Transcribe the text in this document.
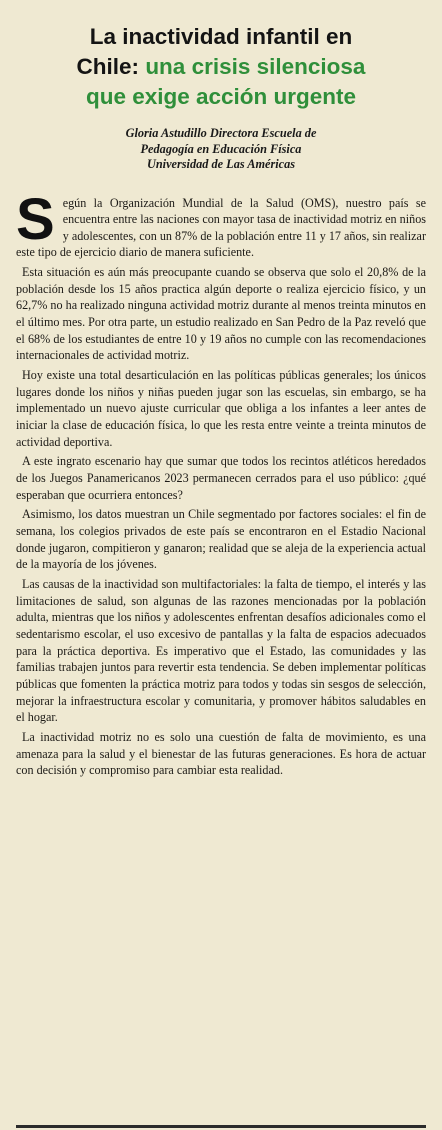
La inactividad infantil en
Chile: una crisis silenciosa
que exige acción urgente
Gloria Astudillo Directora Escuela de
Pedagogía en Educación Física
Universidad de Las Américas

Según la Organización Mundial de la Salud (OMS), nuestro país se encuentra entre las naciones con mayor tasa de inactividad motriz en niños y adolescentes, con un 87% de la población entre 11 y 17 años, sin realizar este tipo de ejercicio diario de manera suficiente.

Esta situación es aún más preocupante cuando se observa que solo el 20,8% de la población desde los 15 años practica algún deporte o realiza ejercicio físico, y un 62,7% no ha realizado ninguna actividad motriz durante al menos treinta minutos en el último mes. Por otra parte, un estudio realizado en San Pedro de la Paz reveló que el 68% de los estudiantes de entre 10 y 19 años no cumple con las recomendaciones internacionales de actividad motriz.

Hoy existe una total desarticulación en las políticas públicas generales; los únicos lugares donde los niños y niñas pueden jugar son las escuelas, sin embargo, se ha implementado un nuevo ajuste curricular que obliga a los infantes a leer antes de iniciar la clase de educación física, lo que les resta entre veinte a treinta minutos de actividad deportiva.

A este ingrato escenario hay que sumar que todos los recintos atléticos heredados de los Juegos Panamericanos 2023 permanecen cerrados para el uso público: ¿qué esperaban que ocurriera entonces?

Asimismo, los datos muestran un Chile segmentado por factores sociales: el fin de semana, los colegios privados de este país se encontraron en el Estadio Nacional donde jugaron, compitieron y ganaron; realidad que se aleja de la experiencia actual de la mayoría de los jóvenes.

Las causas de la inactividad son multifactoriales: la falta de tiempo, el interés y las limitaciones de salud, son algunas de las razones mencionadas por la población adulta, mientras que los niños y adolescentes enfrentan desafíos adicionales como el sedentarismo escolar, el uso excesivo de pantallas y la falta de espacios adecuados para la práctica deportiva. Es imperativo que el Estado, las comunidades y las familias trabajen juntos para revertir esta tendencia. Se deben implementar políticas públicas que fomenten la práctica motriz para todos y todas sin sesgos de selección, mejorar la infraestructura escolar y comunitaria, y promover hábitos saludables en el hogar.

La inactividad motriz no es solo una cuestión de falta de movimiento, es una amenaza para la salud y el bienestar de las futuras generaciones. Es hora de actuar con decisión y compromiso para cambiar esta realidad.
